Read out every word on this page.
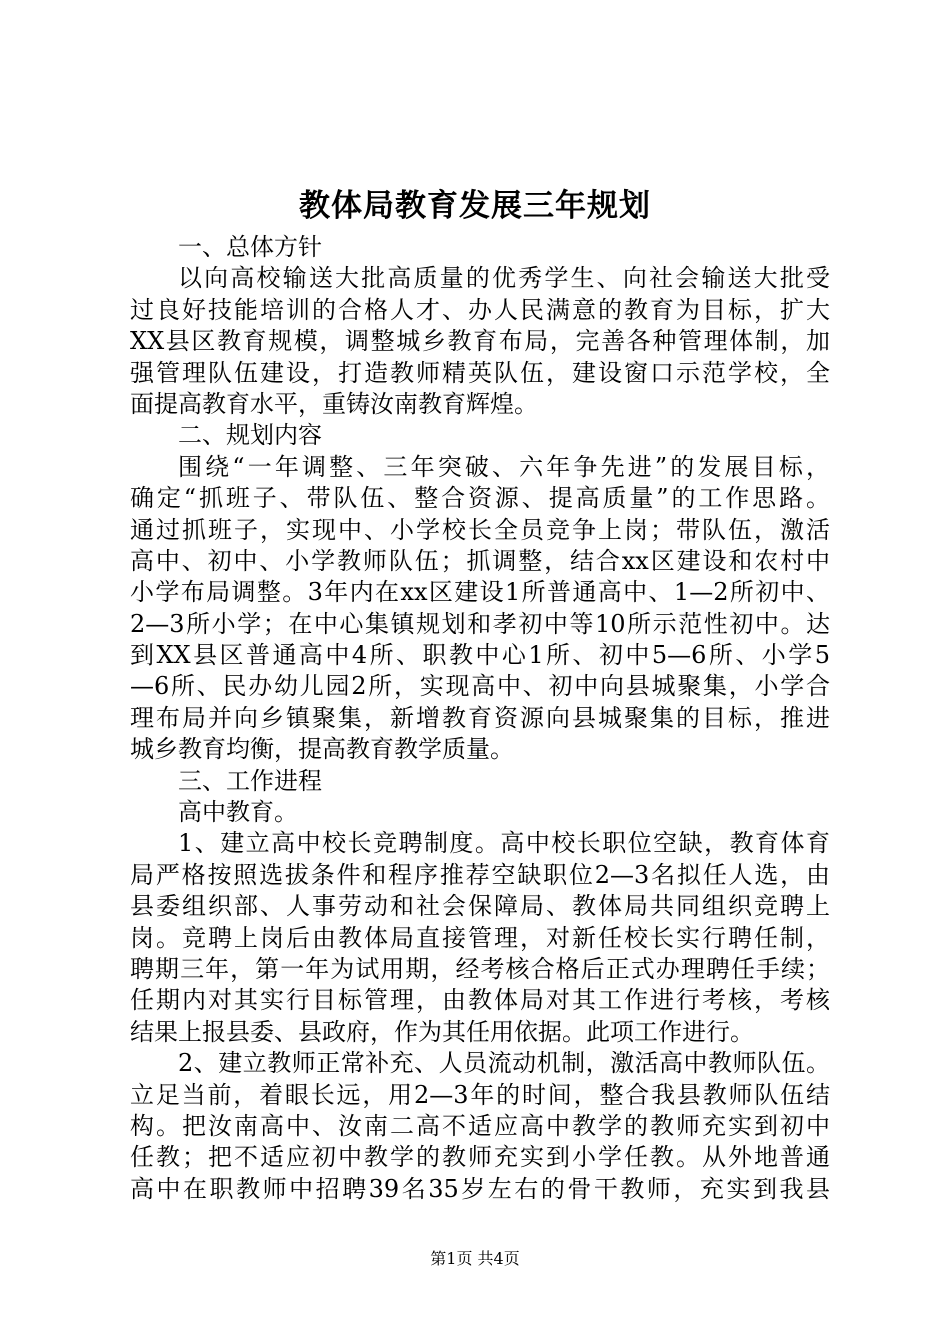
教体局教育发展三年规划
一、总体方针
以向高校输送大批高质量的优秀学生、向社会输送大批受
过良好技能培训的合格人才、办人民满意的教育为目标，扩大
XX县区教育规模，调整城乡教育布局，完善各种管理体制，加
强管理队伍建设，打造教师精英队伍，建设窗口示范学校，全
面提高教育水平，重铸汝南教育辉煌。
二、规划内容
围绕“一年调整、三年突破、六年争先进”的发展目标，
确定“抓班子、带队伍、整合资源、提高质量”的工作思路。
通过抓班子，实现中、小学校长全员竞争上岗；带队伍，激活
高中、初中、小学教师队伍；抓调整，结合xx区建设和农村中
小学布局调整。3年内在xx区建设1所普通高中、1—2所初中、
2—3所小学；在中心集镇规划和孝初中等10所示范性初中。达
到XX县区普通高中4所、职教中心1所、初中5—6所、小学5
—6所、民办幼儿园2所，实现高中、初中向县城聚集，小学合
理布局并向乡镇聚集，新增教育资源向县城聚集的目标，推进
城乡教育均衡，提高教育教学质量。
三、工作进程
高中教育。
1、建立高中校长竞聘制度。高中校长职位空缺，教育体育
局严格按照选拔条件和程序推荐空缺职位2—3名拟任人选，由
县委组织部、人事劳动和社会保障局、教体局共同组织竞聘上
岗。竞聘上岗后由教体局直接管理，对新任校长实行聘任制，
聘期三年，第一年为试用期，经考核合格后正式办理聘任手续；
任期内对其实行目标管理，由教体局对其工作进行考核，考核
结果上报县委、县政府，作为其任用依据。此项工作进行。
2、建立教师正常补充、人员流动机制，激活高中教师队伍。
立足当前，着眼长远，用2—3年的时间，整合我县教师队伍结
构。把汝南高中、汝南二高不适应高中教学的教师充实到初中
任教；把不适应初中教学的教师充实到小学任教。从外地普通
高中在职教师中招聘39名35岁左右的骨干教师，充实到我县
第1页 共4页
